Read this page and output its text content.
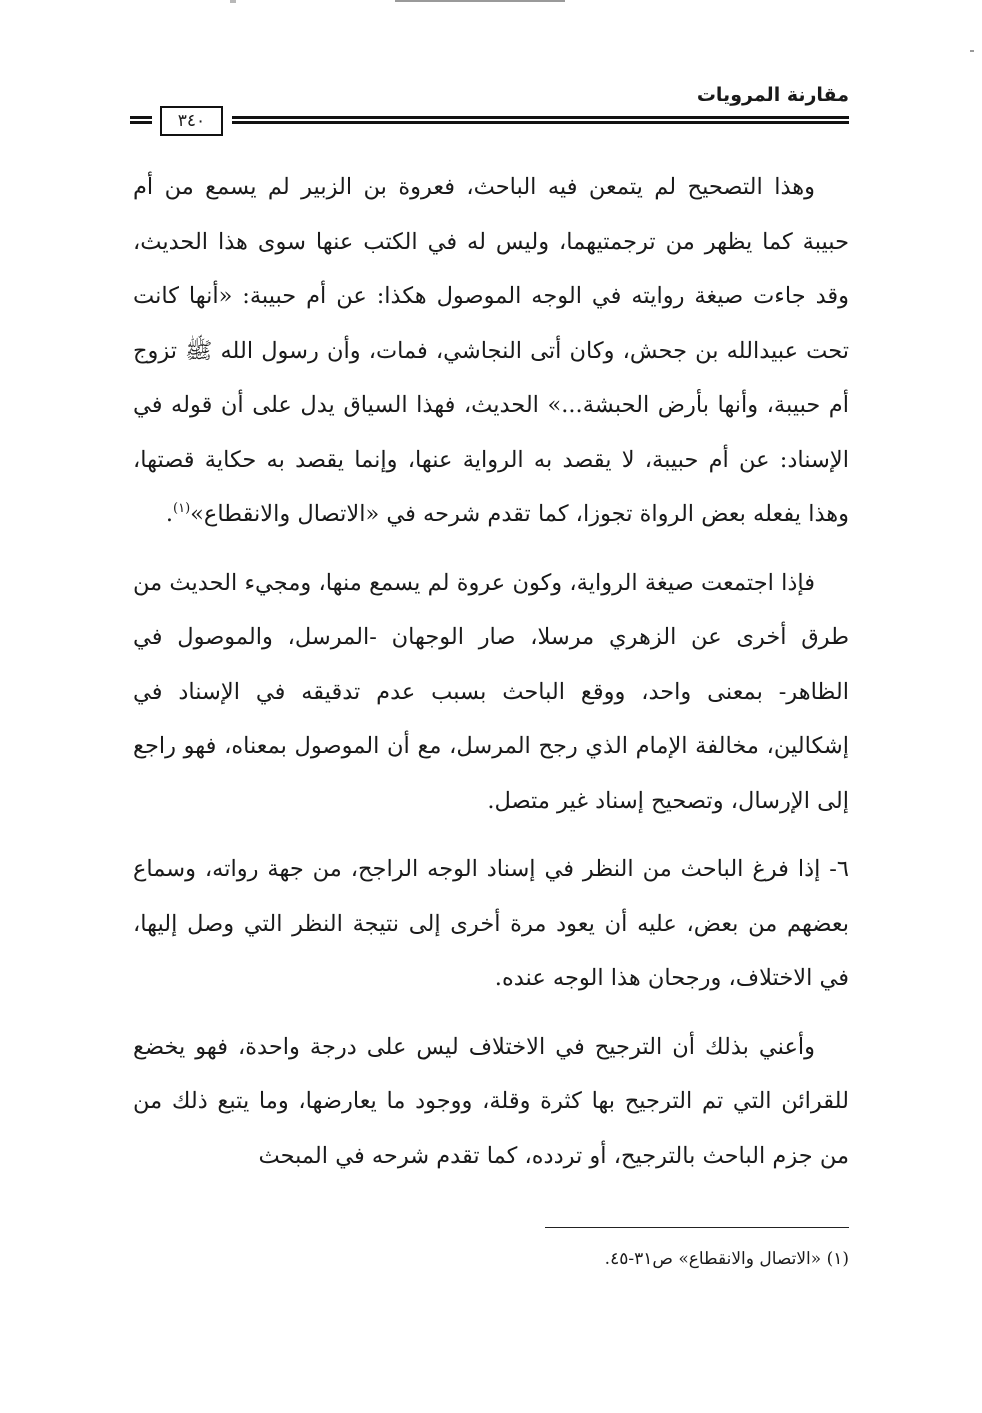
مقارنة المرويات
٣٤٠

وهذا التصحيح لم يتمعن فيه الباحث، فعروة بن الزبير لم يسمع من أم حبيبة كما يظهر من ترجمتيهما، وليس له في الكتب عنها سوى هذا الحديث، وقد جاءت صيغة روايته في الوجه الموصول هكذا: عن أم حبيبة: «أنها كانت تحت عبيدالله بن جحش، وكان أتى النجاشي، فمات، وأن رسول الله ﷺ تزوج أم حبيبة، وأنها بأرض الحبشة...» الحديث، فهذا السياق يدل على أن قوله في الإسناد: عن أم حبيبة، لا يقصد به الرواية عنها، وإنما يقصد به حكاية قصتها، وهذا يفعله بعض الرواة تجوزا، كما تقدم شرحه في «الاتصال والانقطاع»$^{(١)}$.

فإذا اجتمعت صيغة الرواية، وكون عروة لم يسمع منها، ومجيء الحديث من طرق أخرى عن الزهري مرسلا، صار الوجهان -المرسل، والموصول في الظاهر- بمعنى واحد، ووقع الباحث بسبب عدم تدقيقه في الإسناد في إشكالين، مخالفة الإمام الذي رجح المرسل، مع أن الموصول بمعناه، فهو راجع إلى الإرسال، وتصحيح إسناد غير متصل.

٦- إذا فرغ الباحث من النظر في إسناد الوجه الراجح، من جهة رواته، وسماع بعضهم من بعض، عليه أن يعود مرة أخرى إلى نتيجة النظر التي وصل إليها، في الاختلاف، ورجحان هذا الوجه عنده.

وأعني بذلك أن الترجيح في الاختلاف ليس على درجة واحدة، فهو يخضع للقرائن التي تم الترجيح بها كثرة وقلة، ووجود ما يعارضها، وما يتبع ذلك من من جزم الباحث بالترجيح، أو تردده، كما تقدم شرحه في المبحث

(١) «الاتصال والانقطاع» ص٣١-٤٥.
